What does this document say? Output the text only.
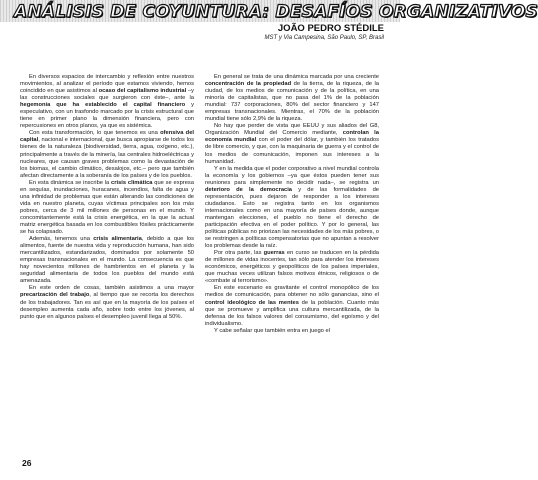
ANÁLISIS DE COYUNTURA: DESAFÍOS ORGANIZATIVOS
JOÃO PEDRO STÉDILE
MST y Via Campesina, São Paulo, SP, Brasil

En diversos espacios de intercambio y reflexión entre nuestros movimientos, al analizar el período que estamos viviendo, hemos coincidido en que asistimos al ocaso del capitalismo industrial –y las construcciones sociales que surgieron con éste–, ante la hegemonía que ha establecido el capital financiero y especulativo, con un trasfondo marcado por la crisis estructural que tiene en primer plano la dimensión financiera, pero con repercusiones en otros planos, ya que es sistémica.

Con esta transformación, lo que tenemos es una ofensiva del capital, nacional e internacional, que busca apropiarse de todos los bienes de la naturaleza (biodiversidad, tierra, agua, oxígeno, etc.), principalmente a través de la minería, las centrales hidroeléctricas y nucleares, que causan graves problemas como la devastación de los biomas, el cambio climático, desalojos, etc.– pero que también afectan directamente a la soberanía de los países y de los pueblos.

En esta dinámica se inscribe la crisis climática que se expresa en sequías, inundaciones, huracanes, incendios, falta de agua y una infinidad de problemas que están alterando las condiciones de vida en nuestro planeta, cuyas víctimas principales son los más pobres, cerca de 3 mil millones de personas en el mundo. Y concomitantemente está la crisis energética, en la que la actual matriz energética basada en los combustibles fósiles prácticamente se ha colapsado.

Además, tenemos una crisis alimentaria, debido a que los alimentos, fuente de nuestra vida y reproducción humana, han sido mercantilizados, estandarizados, dominados por solamente 50 empresas transnacionales en el mundo. La consecuencia es que hay novecientos millones de hambrientos en el planeta y la seguridad alimentaria de todos los pueblos del mundo está amenazada.

En este orden de cosas, también asistimos a una mayor precarización del trabajo, al tiempo que se recorta los derechos de los trabajadores. Tan es así que en la mayoría de los países el desempleo aumenta cada año, sobre todo entre los jóvenes, al punto que en algunos países el desempleo juvenil llega al 50%.

En general se trata de una dinámica marcada por una creciente concentración de la propiedad de la tierra, de la riqueza, de la ciudad, de los medios de comunicación y de la política, en una minoría de capitalistas, que no pasa del 1% de la población mundial: 737 corporaciones, 80% del sector financiero y 147 empresas transnacionales. Mientras, el 70% de la población mundial tiene sólo 2,9% de la riqueza.

No hay que perder de vista que EEUU y sus aliados del G8, Organización Mundial del Comercio mediante, controlan la economía mundial con el poder del dólar, y también los tratados de libre comercio, y que, con la maquinaria de guerra y el control de los medios de comunicación, imponen sus intereses a la humanidad.

Y en la medida que el poder corporativo a nivel mundial controla la economía y los gobiernos –ya que éstos pueden tener sus reuniones para simplemente no decidir nada–, se registra un deterioro de la democracia y de las formalidades de representación, pues dejaron de responder a los intereses ciudadanos. Esto se registra tanto en los organismos internacionales como en una mayoría de países donde, aunque mantengan elecciones, el pueblo no tiene el derecho de participación efectiva en el poder político. Y por lo general, las políticas públicas no priorizan las necesidades de los más pobres, o se restringen a políticas compensatorias que no apuntan a resolver los problemas desde la raíz.

Por otra parte, las guerras en curso se traducen en la pérdida de millones de vidas inocentes, tan sólo para atender los intereses económicos, energéticos y geopolíticos de los países imperiales, que muchas veces utilizan falsos motivos étnicos, religiosos o de «combate al terrorismo».

En este escenario es gravitante el control monopólico de los medios de comunicación, para obtener no sólo ganancias, sino el control ideológico de las mentes de la población. Cuanto más que se promueve y amplifica una cultura mercantilizada, de la defensa de los falsos valores del consumismo, del egoísmo y del individualismo.

Y cabe señalar que también entra en juego el

26
